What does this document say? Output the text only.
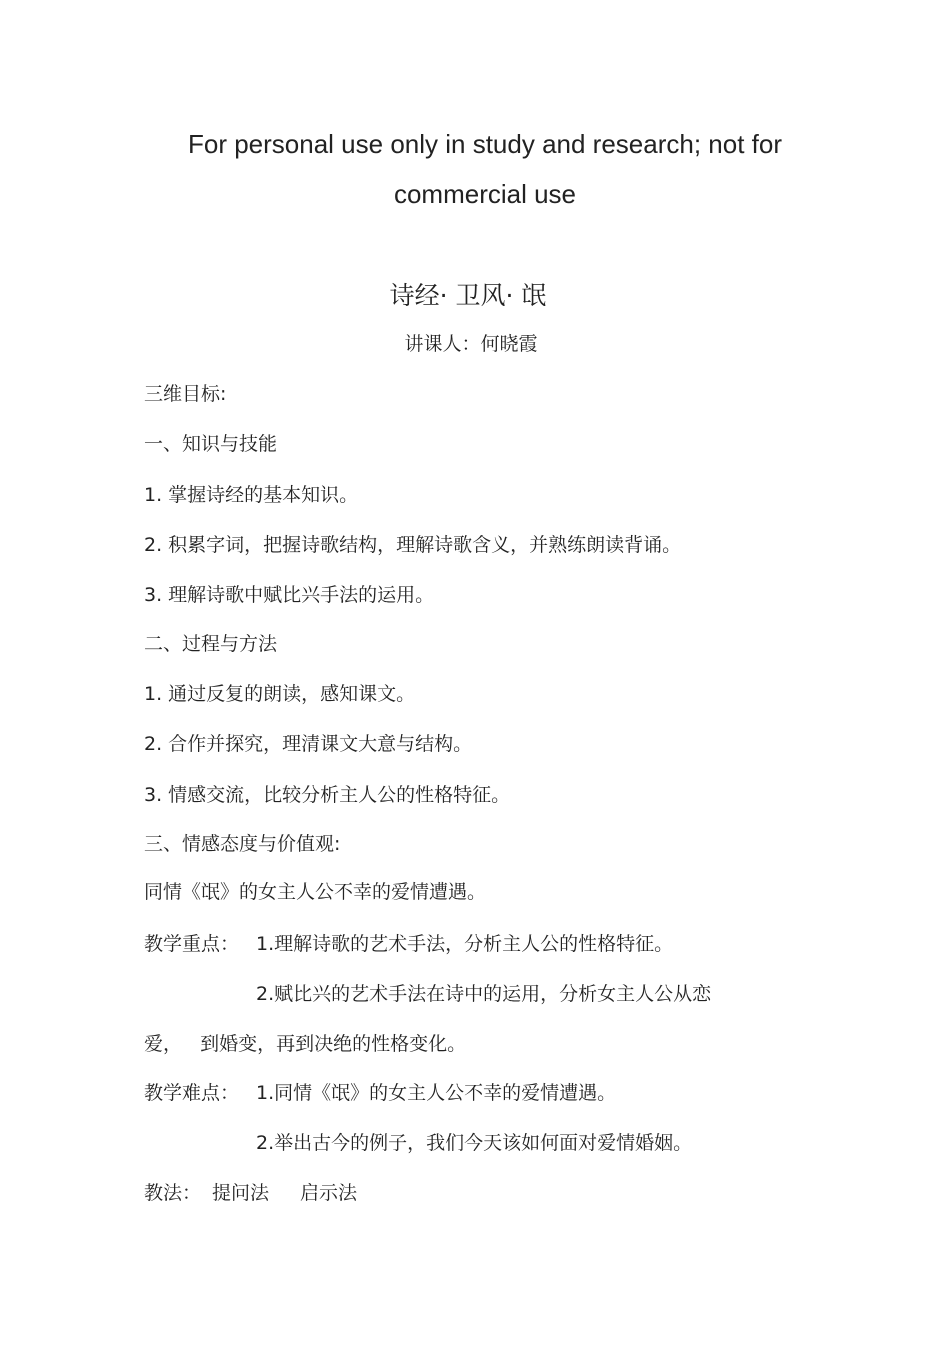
For personal use only in study and research; not for
commercial use
诗经· 卫风· 氓
讲课人：何晓霞
三维目标:
一、知识与技能
1. 掌握诗经的基本知识。
2. 积累字词，把握诗歌结构，理解诗歌含义，并熟练朗读背诵。
3. 理解诗歌中赋比兴手法的运用。
二、过程与方法
1. 通过反复的朗读，感知课文。
2. 合作并探究，理清课文大意与结构。
3. 情感交流，比较分析主人公的性格特征。
三、情感态度与价值观:
同情《氓》的女主人公不幸的爱情遭遇。
教学重点： 1.理解诗歌的艺术手法，分析主人公的性格特征。
2.赋比兴的艺术手法在诗中的运用，分析女主人公从恋
爱，   到婚变，再到决绝的性格变化。
教学难点： 1.同情《氓》的女主人公不幸的爱情遭遇。
2.举出古今的例子，我们今天该如何面对爱情婚姻。
教法： 提问法 启示法
